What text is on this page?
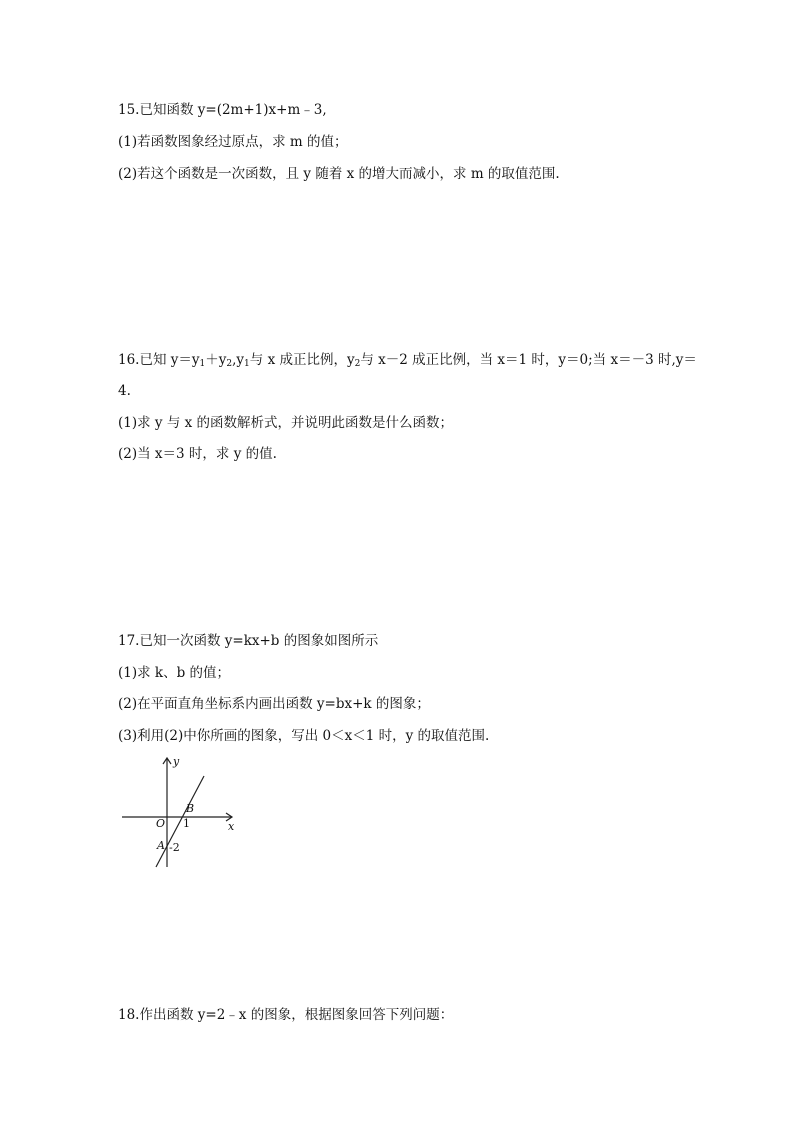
15.已知函数 y=(2m+1)x+m﹣3,
(1)若函数图象经过原点，求 m 的值；
(2)若这个函数是一次函数，且 y 随着 x 的增大而减小，求 m 的取值范围.
16.已知 $y=y_1+y_2,y_1$与 x 成正比例，$y_2$与 x－2 成正比例，当 x＝1 时，y＝0;当 x＝－3 时,y＝
4.
(1)求 y 与 x 的函数解析式，并说明此函数是什么函数；
(2)当 x＝3 时，求 y 的值.
17.已知一次函数 y=kx+b 的图象如图所示
(1)求 k、b 的值；
(2)在平面直角坐标系内画出函数 y=bx+k 的图象；
(3)利用(2)中你所画的图象，写出 0＜x＜1 时，y 的取值范围.
y
x
O
B
1
A -2
18.作出函数 y=2﹣x 的图象，根据图象回答下列问题：
